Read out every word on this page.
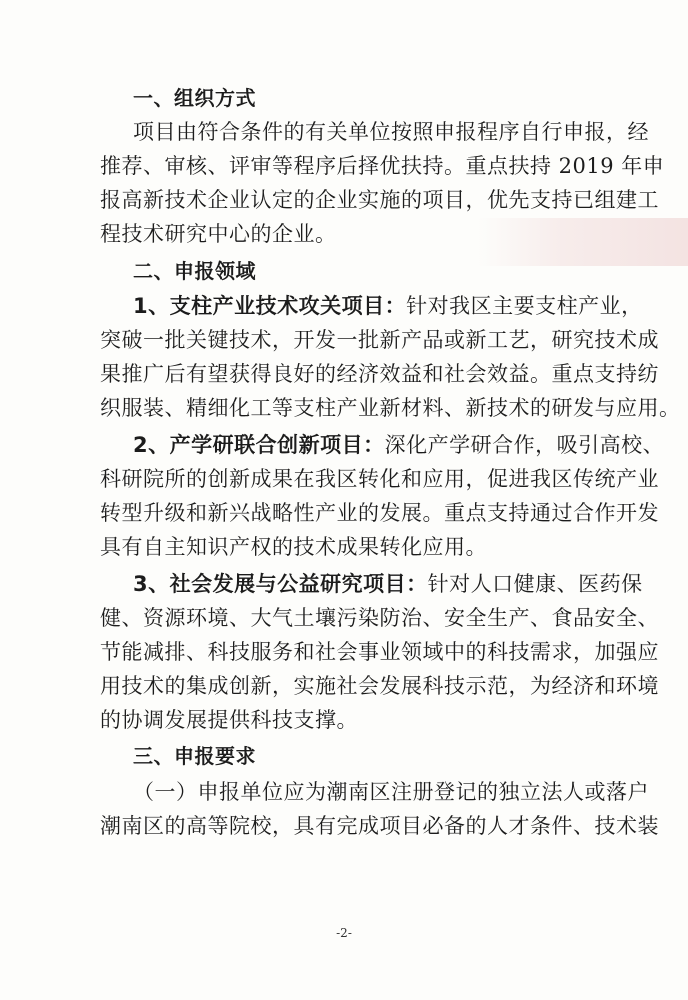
一、组织方式
项目由符合条件的有关单位按照申报程序自行申报，经
推荐、审核、评审等程序后择优扶持。重点扶持 2019 年申
报高新技术企业认定的企业实施的项目，优先支持已组建工
程技术研究中心的企业。
二、申报领域
1、支柱产业技术攻关项目：针对我区主要支柱产业，
突破一批关键技术，开发一批新产品或新工艺，研究技术成
果推广后有望获得良好的经济效益和社会效益。重点支持纺
织服装、精细化工等支柱产业新材料、新技术的研发与应用。
2、产学研联合创新项目：深化产学研合作，吸引高校、
科研院所的创新成果在我区转化和应用，促进我区传统产业
转型升级和新兴战略性产业的发展。重点支持通过合作开发
具有自主知识产权的技术成果转化应用。
3、社会发展与公益研究项目：针对人口健康、医药保
健、资源环境、大气土壤污染防治、安全生产、食品安全、
节能减排、科技服务和社会事业领域中的科技需求，加强应
用技术的集成创新，实施社会发展科技示范，为经济和环境
的协调发展提供科技支撑。
三、申报要求
（一）申报单位应为潮南区注册登记的独立法人或落户
潮南区的高等院校，具有完成项目必备的人才条件、技术装
-2-
